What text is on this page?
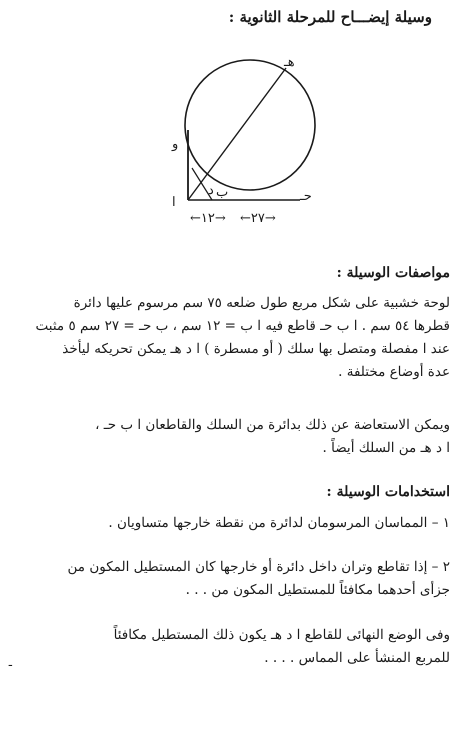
وسيلة إيضـــاح للمرحلة الثانوية :
هـ
و
ا
د ب	حـ
←١٢→ ←٢٧→
مواصفات الوسيلة :
لوحة خشبية على شكل مربع طول ضلعه ٧٥ سم مرسوم عليها دائرة
قطرها ٥٤ سم . ا ب حـ قاطع فيه ا ب = ١٢ سم ، ب حـ = ٢٧ سم ٥ مثبت
عند ا مفصلة ومتصل بها سلك ( أو مسطرة ) ا د هـ يمكن تحريكه ليأخذ
عدة أوضاع مختلفة .
ويمكن الاستعاضة عن ذلك بدائرة من السلك والقاطعان ا ب حـ ،
ا د هـ من السلك أيضاً .
استخدامات الوسيلة :
١ – المماسان المرسومان لدائرة من نقطة خارجها متساويان .
٢ – إذا تقاطع وتران داخل دائرة أو خارجها كان المستطيل المكون من
جزأى أحدهما مكافئاً للمستطيل المكون من . . .
وفى الوضع النهائى للقاطع ا د هـ يكون ذلك المستطيل مكافئاً
للمربع المنشأ على المماس . . . .
-
